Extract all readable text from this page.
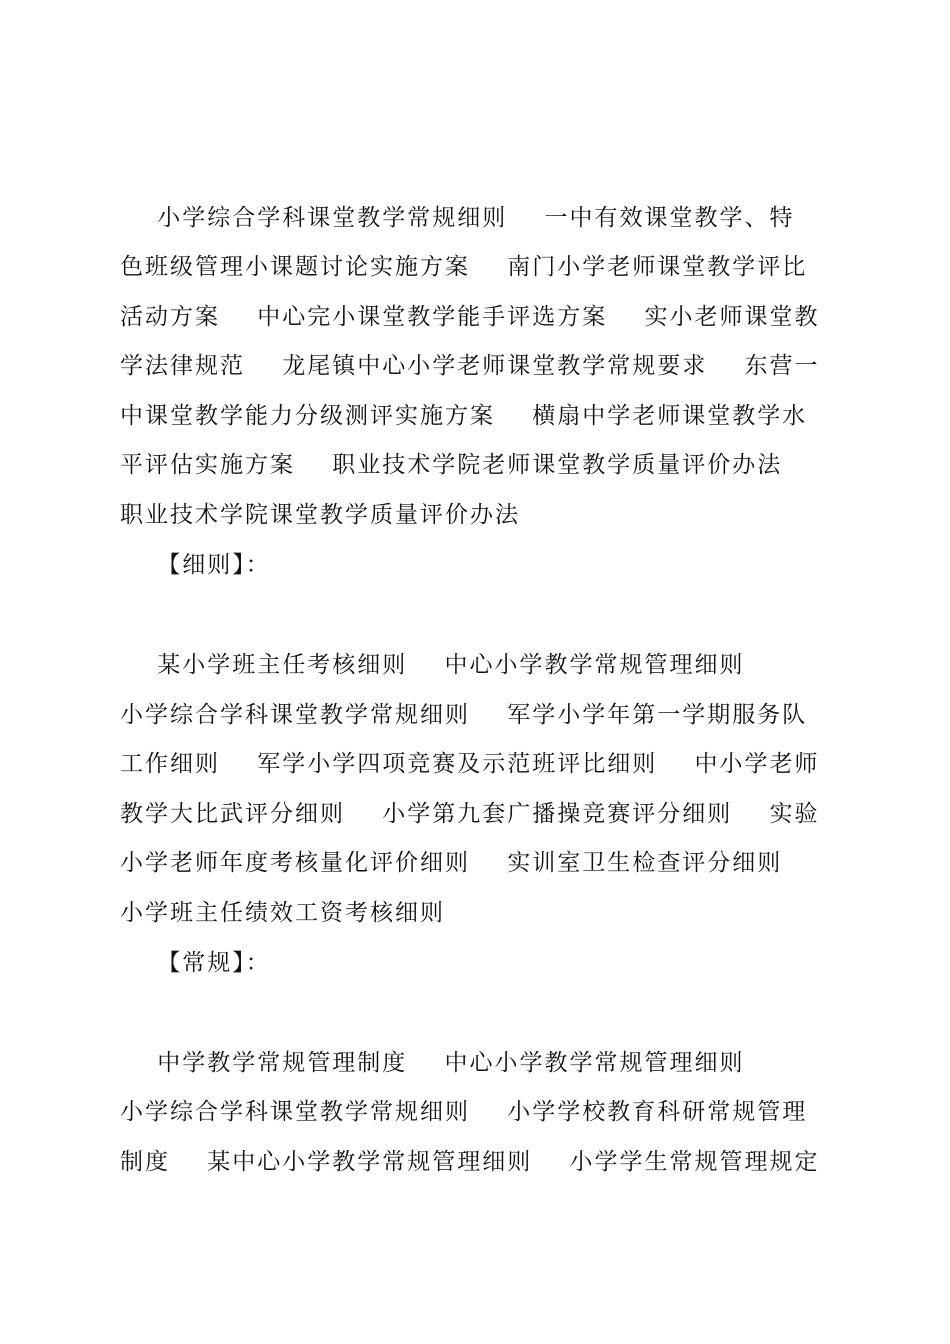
小学综合学科课堂教学常规细则    一中有效课堂教学、特
色班级管理小课题讨论实施方案    南门小学老师课堂教学评比
活动方案    中心完小课堂教学能手评选方案    实小老师课堂教
学法律规范    龙尾镇中心小学老师课堂教学常规要求    东营一
中课堂教学能力分级测评实施方案    横扇中学老师课堂教学水
平评估实施方案    职业技术学院老师课堂教学质量评价办法
职业技术学院课堂教学质量评价办法
【细则】：
某小学班主任考核细则    中心小学教学常规管理细则
小学综合学科课堂教学常规细则    军学小学年第一学期服务队
工作细则    军学小学四项竞赛及示范班评比细则    中小学老师
教学大比武评分细则    小学第九套广播操竞赛评分细则    实验
小学老师年度考核量化评价细则    实训室卫生检查评分细则
小学班主任绩效工资考核细则
【常规】：
中学教学常规管理制度    中心小学教学常规管理细则
小学综合学科课堂教学常规细则    小学学校教育科研常规管理
制度    某中心小学教学常规管理细则    小学学生常规管理规定
